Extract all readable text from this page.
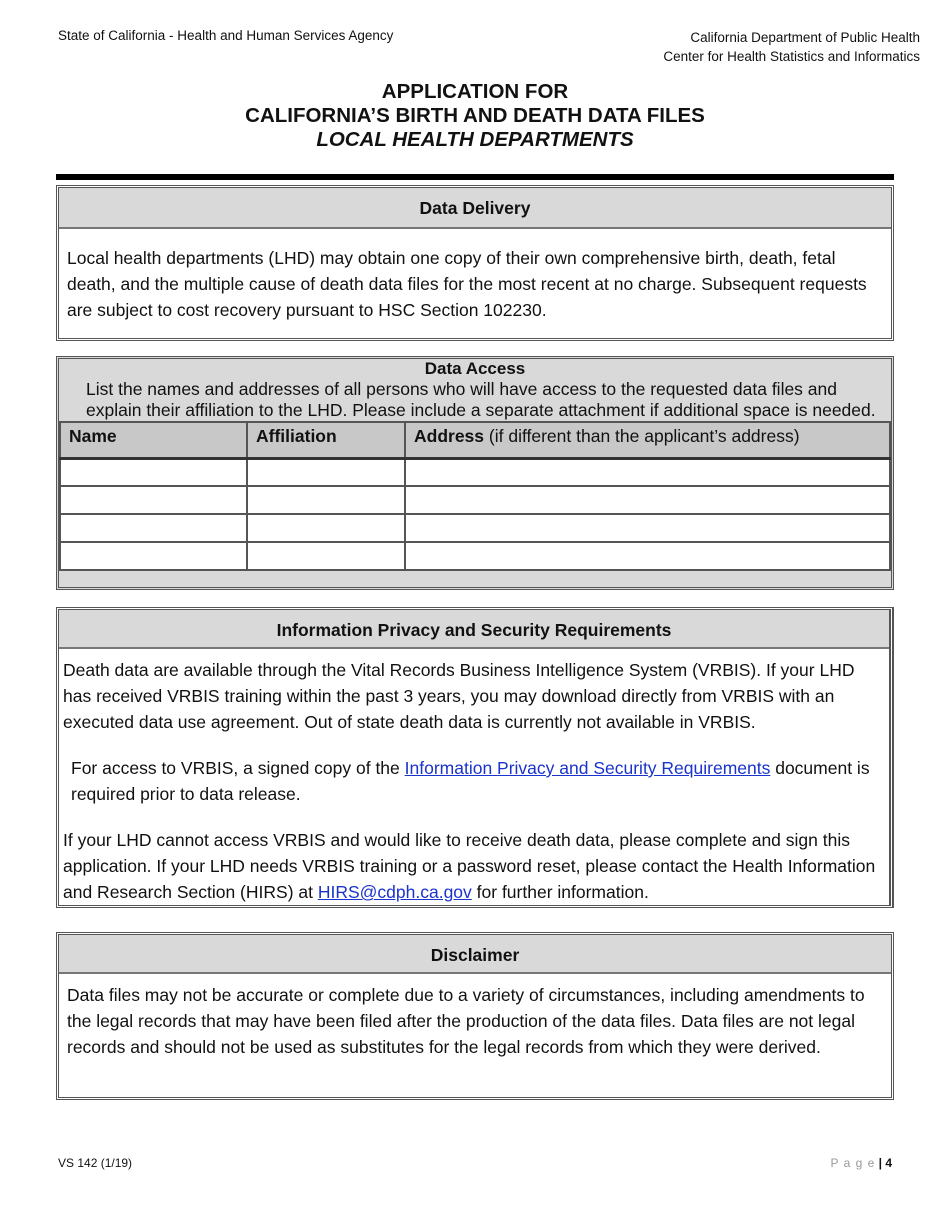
State of California - Health and Human Services Agency	California Department of Public Health
Center for Health Statistics and Informatics
APPLICATION FOR
CALIFORNIA’S BIRTH AND DEATH DATA FILES
LOCAL HEALTH DEPARTMENTS
Data Delivery
Local health departments (LHD) may obtain one copy of their own comprehensive birth, death, fetal death, and the multiple cause of death data files for the most recent at no charge. Subsequent requests are subject to cost recovery pursuant to HSC Section 102230.
Data Access
List the names and addresses of all persons who will have access to the requested data files and explain their affiliation to the LHD. Please include a separate attachment if additional space is needed.
Name	Affiliation	Address (if different than the applicant’s address)

Information Privacy and Security Requirements

Death data are available through the Vital Records Business Intelligence System (VRBIS). If your LHD has received VRBIS training within the past 3 years, you may download directly from VRBIS with an executed data use agreement. Out of state death data is currently not available in VRBIS.

For access to VRBIS, a signed copy of the Information Privacy and Security Requirements document is required prior to data release.

If your LHD cannot access VRBIS and would like to receive death data, please complete and sign this application. If your LHD needs VRBIS training or a password reset, please contact the Health Information and Research Section (HIRS) at HIRS@cdph.ca.gov for further information.

Disclaimer
Data files may not be accurate or complete due to a variety of circumstances, including amendments to the legal records that may have been filed after the production of the data files. Data files are not legal records and should not be used as substitutes for the legal records from which they were derived.
VS 142 (1/19)	P a g e | 4
